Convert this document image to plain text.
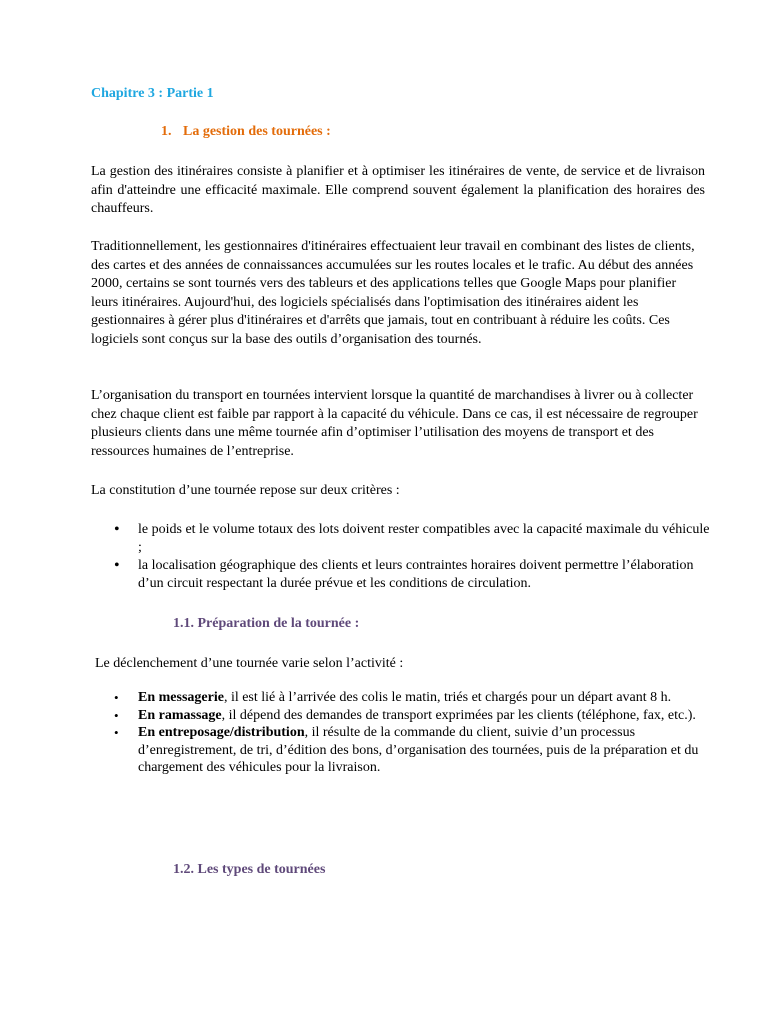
Chapitre 3 : Partie 1
1. La gestion des tournées :

La gestion des itinéraires consiste à planifier et à optimiser les itinéraires de vente, de service et de livraison afin d'atteindre une efficacité maximale. Elle comprend souvent également la planification des horaires des chauffeurs.

Traditionnellement, les gestionnaires d'itinéraires effectuaient leur travail en combinant des listes de clients, des cartes et des années de connaissances accumulées sur les routes locales et le trafic. Au début des années 2000, certains se sont tournés vers des tableurs et des applications telles que Google Maps pour planifier leurs itinéraires. Aujourd'hui, des logiciels spécialisés dans l'optimisation des itinéraires aident les gestionnaires à gérer plus d'itinéraires et d'arrêts que jamais, tout en contribuant à réduire les coûts. Ces logiciels sont conçus sur la base des outils d’organisation des tournés.

L’organisation du transport en tournées intervient lorsque la quantité de marchandises à livrer ou à collecter chez chaque client est faible par rapport à la capacité du véhicule. Dans ce cas, il est nécessaire de regrouper plusieurs clients dans une même tournée afin d’optimiser l’utilisation des moyens de transport et des ressources humaines de l’entreprise.

La constitution d’une tournée repose sur deux critères :

• le poids et le volume totaux des lots doivent rester compatibles avec la capacité maximale du véhicule ;
• la localisation géographique des clients et leurs contraintes horaires doivent permettre l’élaboration d’un circuit respectant la durée prévue et les conditions de circulation.
1.1. Préparation de la tournée :

Le déclenchement d’une tournée varie selon l’activité :

• En messagerie, il est lié à l’arrivée des colis le matin, triés et chargés pour un départ avant 8 h.
• En ramassage, il dépend des demandes de transport exprimées par les clients (téléphone, fax, etc.).
• En entreposage/distribution, il résulte de la commande du client, suivie d’un processus d’enregistrement, de tri, d’édition des bons, d’organisation des tournées, puis de la préparation et du chargement des véhicules pour la livraison.
1.2. Les types de tournées
